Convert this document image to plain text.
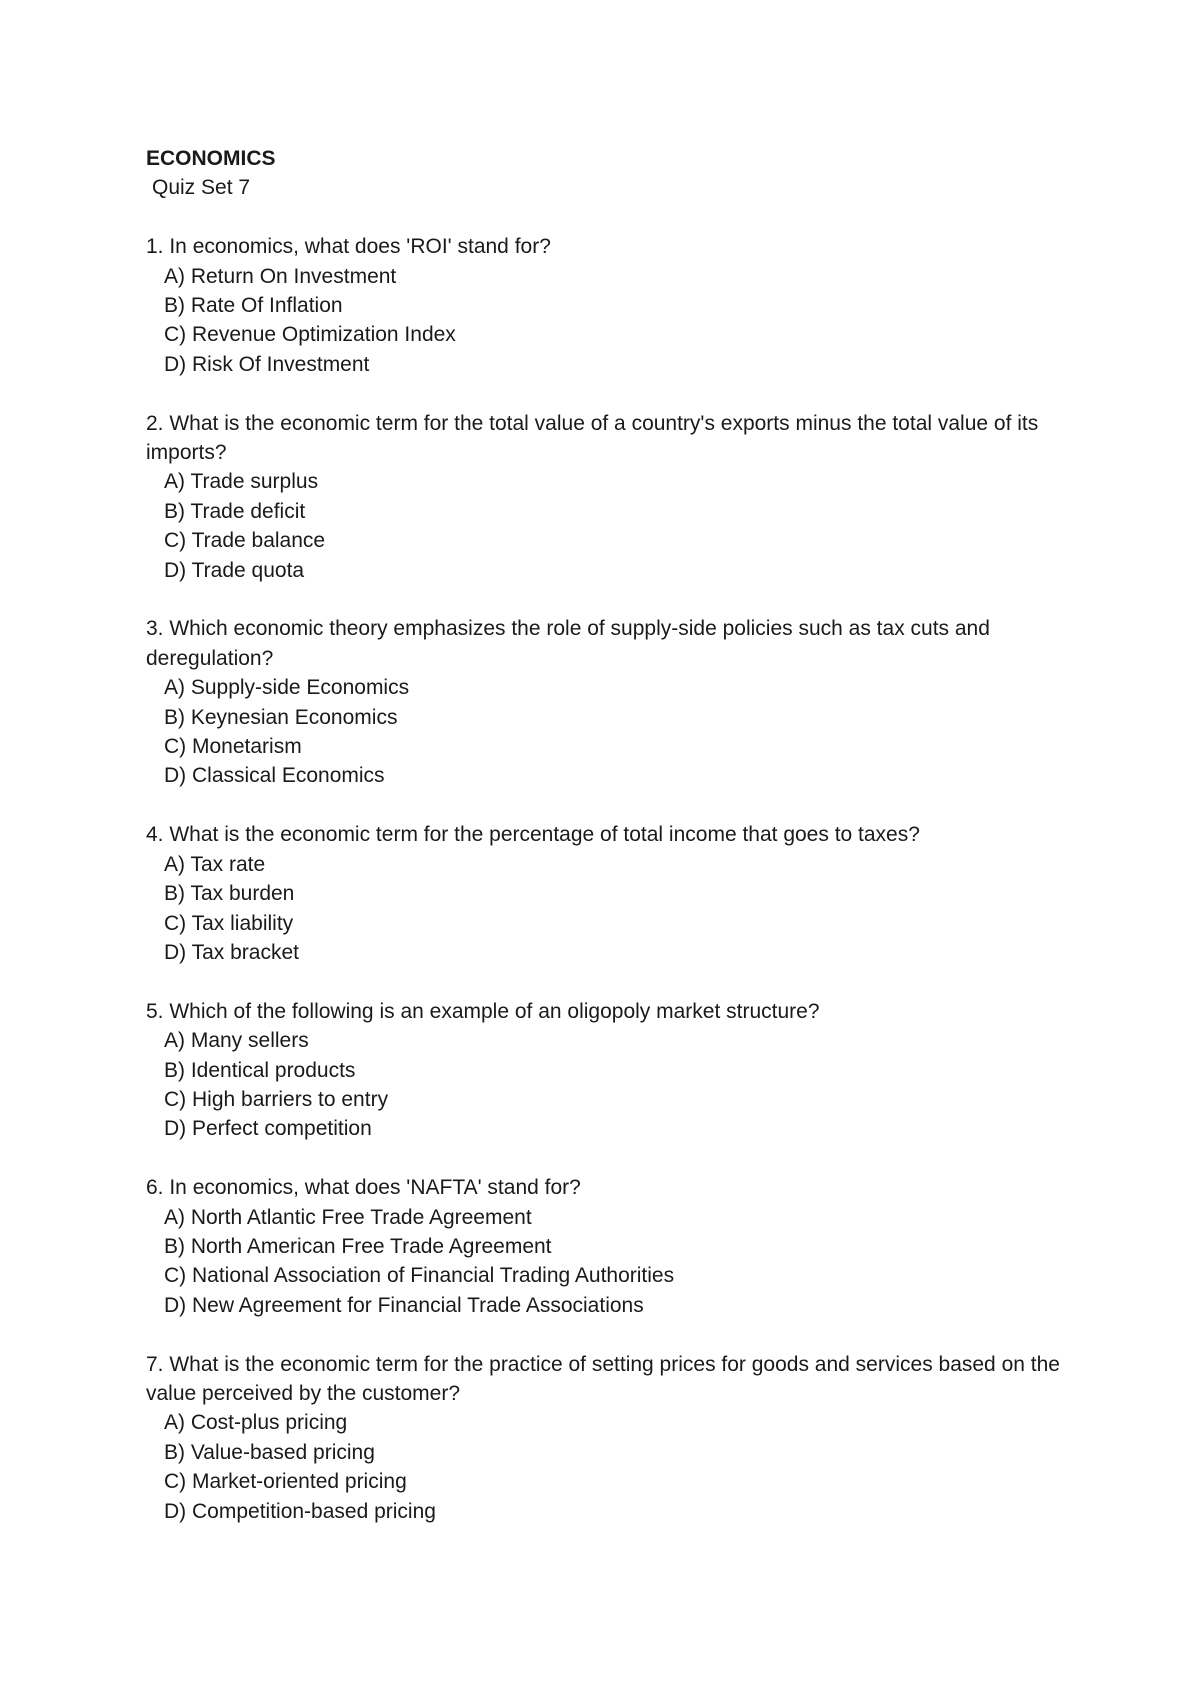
ECONOMICS

Quiz Set 7

1. In economics, what does 'ROI' stand for?

A) Return On Investment
B) Rate Of Inflation
C) Revenue Optimization Index
D) Risk Of Investment

2. What is the economic term for the total value of a country's exports minus the total value of its imports?

A) Trade surplus
B) Trade deficit
C) Trade balance
D) Trade quota

3. Which economic theory emphasizes the role of supply-side policies such as tax cuts and deregulation?

A) Supply-side Economics
B) Keynesian Economics
C) Monetarism
D) Classical Economics

4. What is the economic term for the percentage of total income that goes to taxes?

A) Tax rate
B) Tax burden
C) Tax liability
D) Tax bracket

5. Which of the following is an example of an oligopoly market structure?

A) Many sellers
B) Identical products
C) High barriers to entry
D) Perfect competition

6. In economics, what does 'NAFTA' stand for?

A) North Atlantic Free Trade Agreement
B) North American Free Trade Agreement
C) National Association of Financial Trading Authorities
D) New Agreement for Financial Trade Associations

7. What is the economic term for the practice of setting prices for goods and services based on the value perceived by the customer?

A) Cost-plus pricing
B) Value-based pricing
C) Market-oriented pricing
D) Competition-based pricing
